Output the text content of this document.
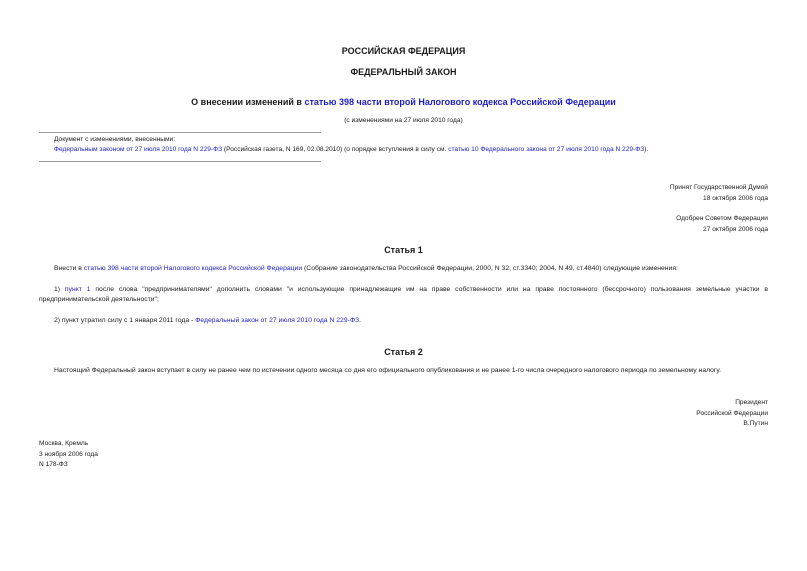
РОССИЙСКАЯ ФЕДЕРАЦИЯ
ФЕДЕРАЛЬНЫЙ ЗАКОН
О внесении изменений в статью 398 части второй Налогового кодекса Российской Федерации
(с изменениями на 27 июля 2010 года)
Документ с изменениями, внесенными:
Федеральным законом от 27 июля 2010 года N 229-ФЗ (Российская газета, N 169, 02.08.2010) (о порядке вступления в силу см. статью 10 Федерального закона от 27 июля 2010 года N 229-ФЗ).
Принят Государственной Думой
18 октября 2006 года
Одобрен Советом Федерации
27 октября 2006 года
Статья 1
Внести в статью 398 части второй Налогового кодекса Российской Федерации (Собрание законодательства Российской Федерации, 2000, N 32, ст.3340; 2004, N 49, ст.4840) следующие изменения:
1) пункт 1 после слова "предпринимателями" дополнить словами "и использующие принадлежащие им на праве собственности или на праве постоянного (бессрочного) пользования земельные участки в предпринимательской деятельности";
2) пункт утратил силу с 1 января 2011 года - Федеральный закон от 27 июля 2010 года N 229-ФЗ.
Статья 2
Настоящий Федеральный закон вступает в силу не ранее чем по истечении одного месяца со дня его официального опубликования и не ранее 1-го числа очередного налогового периода по земельному налогу.
Президент
Российской Федерации
В.Путин
Москва, Кремль
3 ноября 2006 года
N 178-ФЗ
